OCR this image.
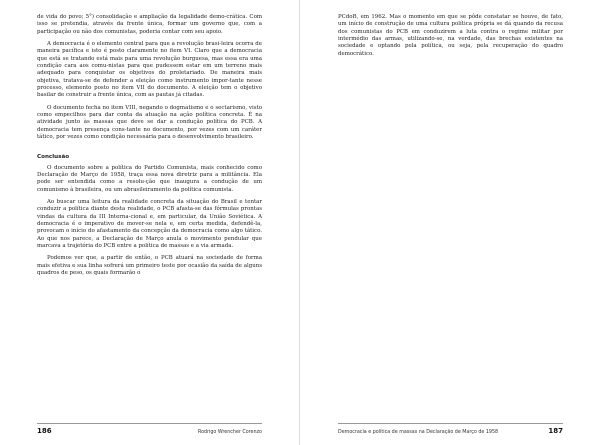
de vida do povo; 5°) consolidação e ampliação da legalidade demo-crática. Com isso se pretendia, através da frente única, formar um governo que, com a participação ou não dos comunistas, poderia contar com seu apoio.

A democracia é o elemento central para que a revolução brasi-leira ocorra de maneira pacífica e isto é posto claramente no item VI. Claro que a democracia que está se tratando está mais para uma revolução burguesa, mas essa era uma condição cara aos comu-nistas para que pudessem estar em um terreno mais adequado para conquistar os objetivos do proletariado. De maneira mais objetiva, tratava-se de defender a eleição como instrumento impor-tante nesse processo, elemento posto no item VII do documento. A eleição tem o objetivo basilar de construir a frente única, com as pautas já citadas.

O documento fecha no item VIII, negando o dogmatismo e o sectarismo, visto como empecilhos para dar conta da atuação na ação política concreta. É na atividade junto às massas que deve se dar a condução política do PCB. A democracia tem presença cons-tante no documento, por vezes com um caráter tático, por vezes como condição necessária para o desenvolvimento brasileiro.

Conclusão

O documento sobre a política do Partido Comunista, mais conhecido como Declaração de Março de 1958, traça essa nova diretriz para a militância. Ela pode ser entendida como a resolu-ção que inaugura a condução de um comunismo à brasileira, ou um abrasileiramento da política comunista.

Ao buscar uma leitura da realidade concreta da situação do Brasil e tentar conduzir a política diante desta realidade, o PCB afasta-se das fórmulas prontas vindas da cultura da III Interna-cional e, em particular, da União Soviética. A democracia é o imperativo de mover-se nela e, em certa medida, defendê-la, provocam o início do afastamento da concepção da democracia como algo tático. Ao que nos parece, a Declaração de Março anula o movimento pendular que marcava a trajetória do PCB entre a política de massas e a via armada.

Podemos ver que, a partir de então, o PCB atuará na sociedade de forma mais efetiva e sua linha sofrerá um primeiro teste por ocasião da saída de alguns quadros de peso, os quais formarão o

186	Rodrigo Wrencher Corenzo

PCdoB, em 1962. Mas o momento em que se pôde constatar se houve, de fato, um início de construção de uma cultura política própria se dá quando da recusa dos comunistas do PCB em conduzirem a luta contra o regime militar por intermédio das armas, utilizando-se, na verdade, das brechas existentes na sociedade e optando pela política, ou seja, pela recuperação do quadro democrático.

Democracia e política de massas na Declaração de Março de 1958	187
